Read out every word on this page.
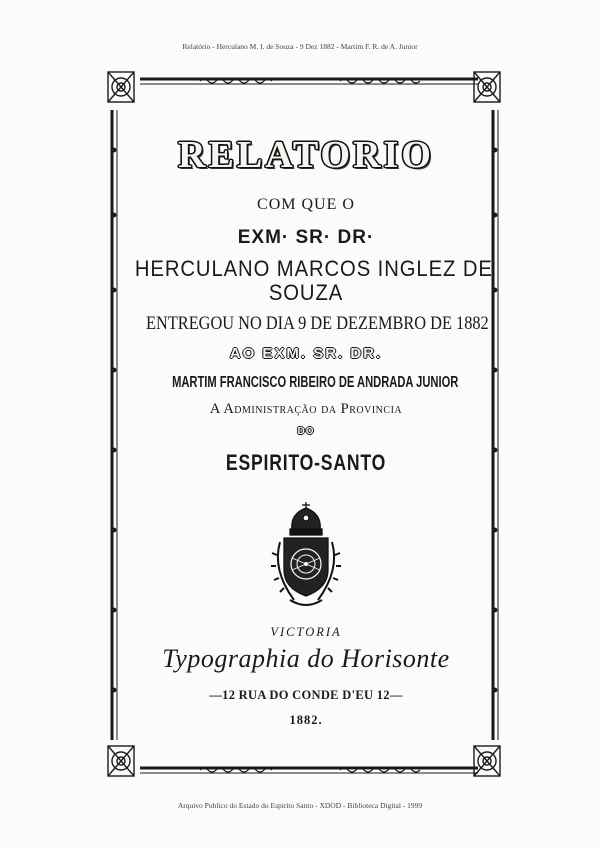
Relatório - Herculano M. I. de Souza - 9 Dez 1882 - Martim F. R. de A. Junior
RELATORIO
COM QUE O
EXM· SR· DR·
HERCULANO MARCOS INGLEZ DE
SOUZA
ENTREGOU NO DIA 9 DE DEZEMBRO DE 1882
AO EXM. SR. DR.
MARTIM FRANCISCO RIBEIRO DE ANDRADA JUNIOR
A Administração da Provincia
DO
ESPIRITO-SANTO
VICTORIA
Typographia do Horisonte
—12 RUA DO CONDE D'EU 12—
1882.
Arquivo Publico do Estado do Espirito Santo - XDOD - Biblioteca Digital - 1999
